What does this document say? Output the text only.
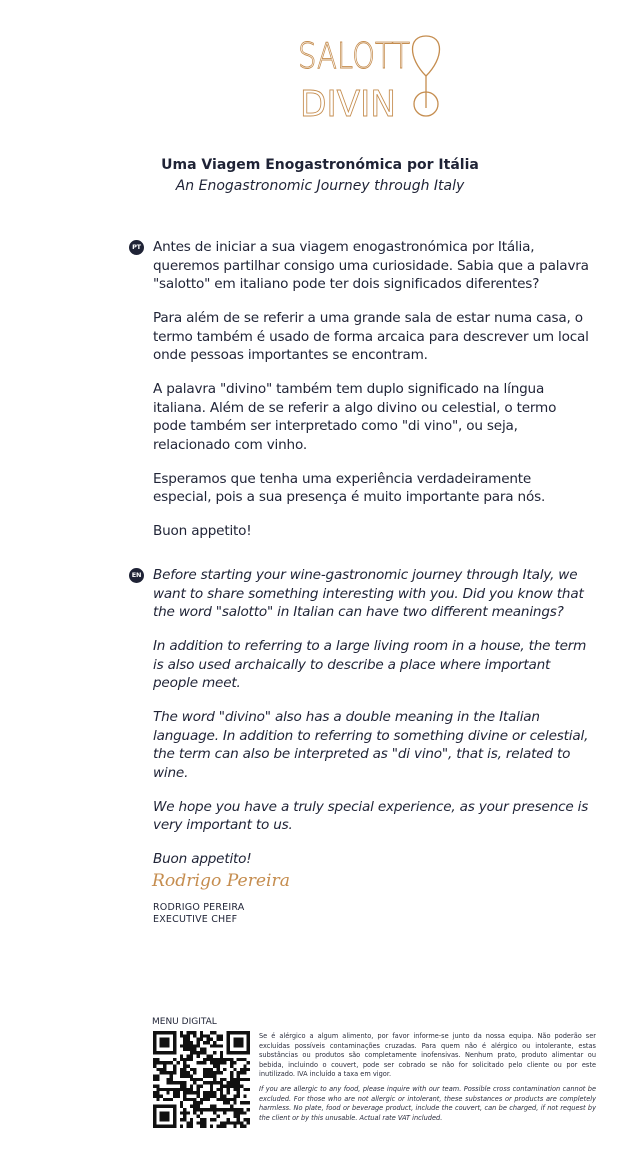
SALOTT
DIVIN
Uma Viagem Enogastronómica por Itália
An Enogastronomic Journey through Italy
PT Antes de iniciar a sua viagem enogastronómica por Itália, queremos partilhar consigo uma curiosidade. Sabia que a palavra "salotto" em italiano pode ter dois significados diferentes?

Para além de se referir a uma grande sala de estar numa casa, o termo também é usado de forma arcaica para descrever um local onde pessoas importantes se encontram.

A palavra "divino" também tem duplo significado na língua italiana. Além de se referir a algo divino ou celestial, o termo pode também ser interpretado como "di vino", ou seja, relacionado com vinho.

Esperamos que tenha uma experiência verdadeiramente especial, pois a sua presença é muito importante para nós.

Buon appetito!

EN Before starting your wine-gastronomic journey through Italy, we want to share something interesting with you. Did you know that the word "salotto" in Italian can have two different meanings?

In addition to referring to a large living room in a house, the term is also used archaically to describe a place where important people meet.

The word "divino" also has a double meaning in the Italian language. In addition to referring to something divine or celestial, the term can also be interpreted as "di vino", that is, related to wine.

We hope you have a truly special experience, as your presence is very important to us.

Buon appetito!

Rodrigo Pereira
RODRIGO PEREIRA
EXECUTIVE CHEF
MENU DIGITAL

Se é alérgico a algum alimento, por favor informe-se junto da nossa equipa. Não poderão ser excluídas possíveis contaminações cruzadas. Para quem não é alérgico ou intolerante, estas substâncias ou produtos são completamente inofensivas. Nenhum prato, produto alimentar ou bebida, incluindo o couvert, pode ser cobrado se não for solicitado pelo cliente ou por este inutilizado. IVA incluído a taxa em vigor.

If you are allergic to any food, please inquire with our team. Possible cross contamination cannot be excluded. For those who are not allergic or intolerant, these substances or products are completely harmless. No plate, food or beverage product, include the couvert, can be charged, if not request by the client or by this unusable. Actual rate VAT included.
